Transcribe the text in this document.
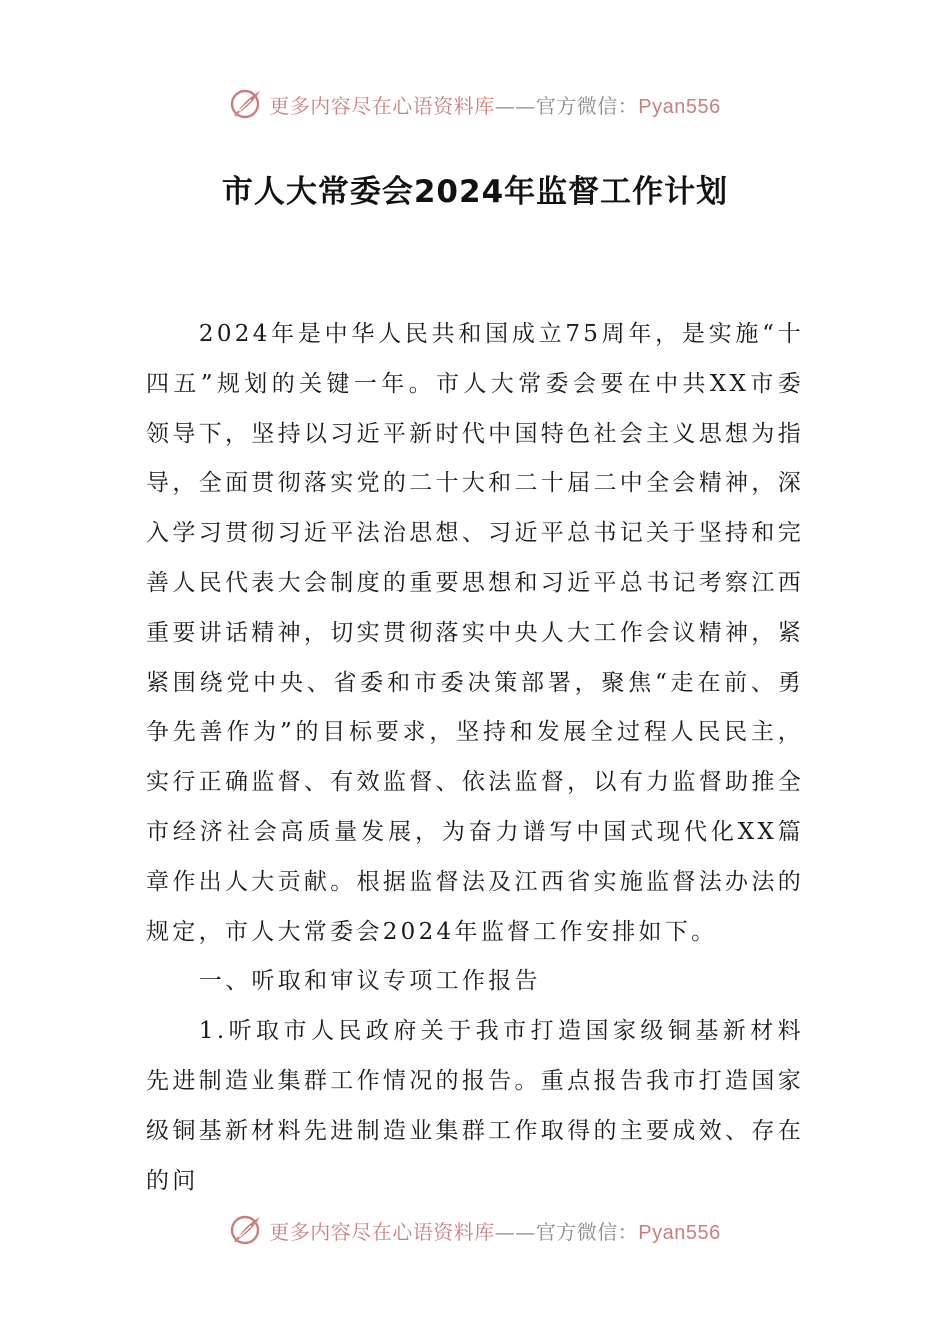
更多内容尽在心语资料库——官方微信：Pyan556
市人大常委会2024年监督工作计划

2024年是中华人民共和国成立75周年，是实施“十四五”规划的关键一年。市人大常委会要在中共XX市委领导下，坚持以习近平新时代中国特色社会主义思想为指导，全面贯彻落实党的二十大和二十届二中全会精神，深入学习贯彻习近平法治思想、习近平总书记关于坚持和完善人民代表大会制度的重要思想和习近平总书记考察江西重要讲话精神，切实贯彻落实中央人大工作会议精神，紧紧围绕党中央、省委和市委决策部署，聚焦“走在前、勇争先善作为”的目标要求，坚持和发展全过程人民民主，实行正确监督、有效监督、依法监督，以有力监督助推全市经济社会高质量发展，为奋力谱写中国式现代化XX篇章作出人大贡献。根据监督法及江西省实施监督法办法的规定，市人大常委会2024年监督工作安排如下。

一、听取和审议专项工作报告

1.听取市人民政府关于我市打造国家级铜基新材料先进制造业集群工作情况的报告。重点报告我市打造国家级铜基新材料先进制造业集群工作取得的主要成效、存在的问

更多内容尽在心语资料库——官方微信：Pyan556
